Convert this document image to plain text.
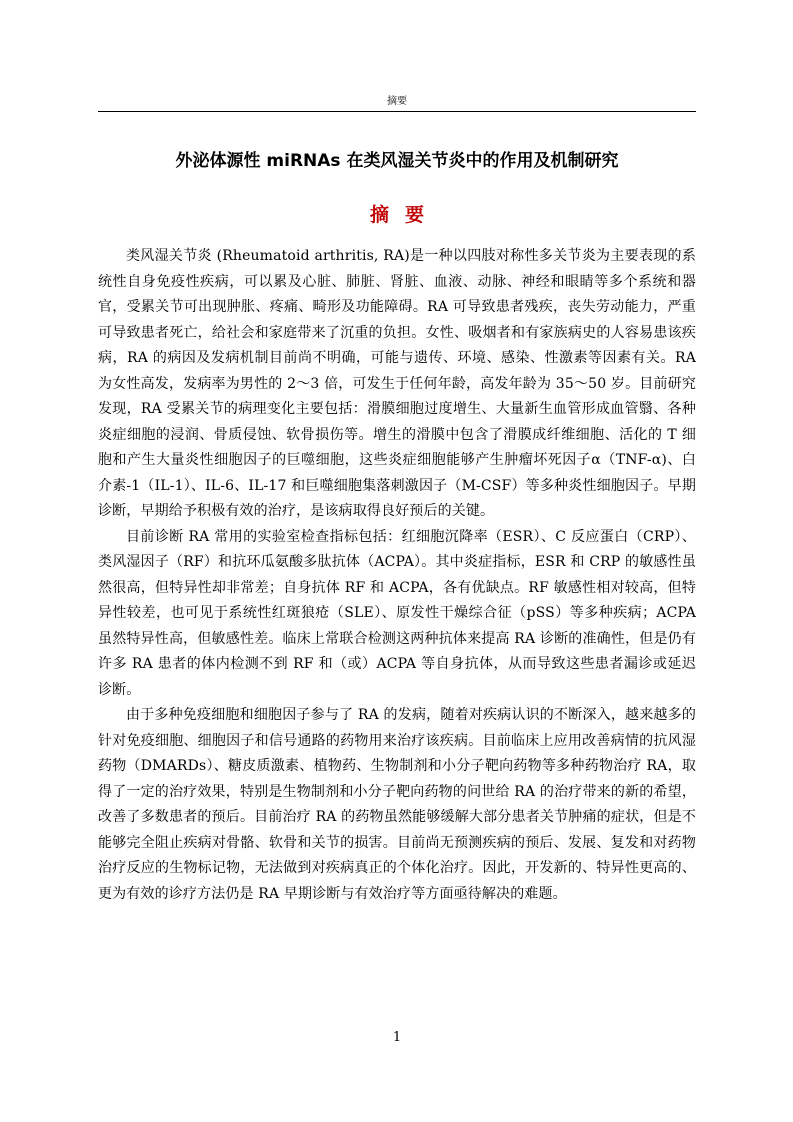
摘要
外泌体源性 miRNAs 在类风湿关节炎中的作用及机制研究
摘要

类风湿关节炎 (Rheumatoid arthritis, RA)是一种以四肢对称性多关节炎为主要表现的系统性自身免疫性疾病，可以累及心脏、肺脏、肾脏、血液、动脉、神经和眼睛等多个系统和器官，受累关节可出现肿胀、疼痛、畸形及功能障碍。RA 可导致患者残疾，丧失劳动能力，严重可导致患者死亡，给社会和家庭带来了沉重的负担。女性、吸烟者和有家族病史的人容易患该疾病，RA 的病因及发病机制目前尚不明确，可能与遗传、环境、感染、性激素等因素有关。RA 为女性高发，发病率为男性的 2～3 倍，可发生于任何年龄，高发年龄为 35～50 岁。目前研究发现，RA 受累关节的病理变化主要包括：滑膜细胞过度增生、大量新生血管形成血管翳、各种炎症细胞的浸润、骨质侵蚀、软骨损伤等。增生的滑膜中包含了滑膜成纤维细胞、活化的 T 细胞和产生大量炎性细胞因子的巨噬细胞，这些炎症细胞能够产生肿瘤坏死因子α（TNF-α)、白介素-1（IL-1）、IL-6、IL-17 和巨噬细胞集落刺激因子（M-CSF）等多种炎性细胞因子。早期诊断，早期给予积极有效的治疗，是该病取得良好预后的关键。

目前诊断 RA 常用的实验室检查指标包括：红细胞沉降率（ESR）、C 反应蛋白（CRP）、类风湿因子（RF）和抗环瓜氨酸多肽抗体（ACPA）。其中炎症指标，ESR 和 CRP 的敏感性虽然很高，但特异性却非常差；自身抗体 RF 和 ACPA，各有优缺点。RF 敏感性相对较高，但特异性较差，也可见于系统性红斑狼疮（SLE）、原发性干燥综合征（pSS）等多种疾病；ACPA 虽然特异性高，但敏感性差。临床上常联合检测这两种抗体来提高 RA 诊断的准确性，但是仍有许多 RA 患者的体内检测不到 RF 和（或）ACPA 等自身抗体，从而导致这些患者漏诊或延迟诊断。

由于多种免疫细胞和细胞因子参与了 RA 的发病，随着对疾病认识的不断深入，越来越多的针对免疫细胞、细胞因子和信号通路的药物用来治疗该疾病。目前临床上应用改善病情的抗风湿药物（DMARDs）、糖皮质激素、植物药、生物制剂和小分子靶向药物等多种药物治疗 RA，取得了一定的治疗效果，特别是生物制剂和小分子靶向药物的问世给 RA 的治疗带来的新的希望，改善了多数患者的预后。目前治疗 RA 的药物虽然能够缓解大部分患者关节肿痛的症状，但是不能够完全阻止疾病对骨骼、软骨和关节的损害。目前尚无预测疾病的预后、发展、复发和对药物治疗反应的生物标记物，无法做到对疾病真正的个体化治疗。因此，开发新的、特异性更高的、更为有效的诊疗方法仍是 RA 早期诊断与有效治疗等方面亟待解决的难题。

1
